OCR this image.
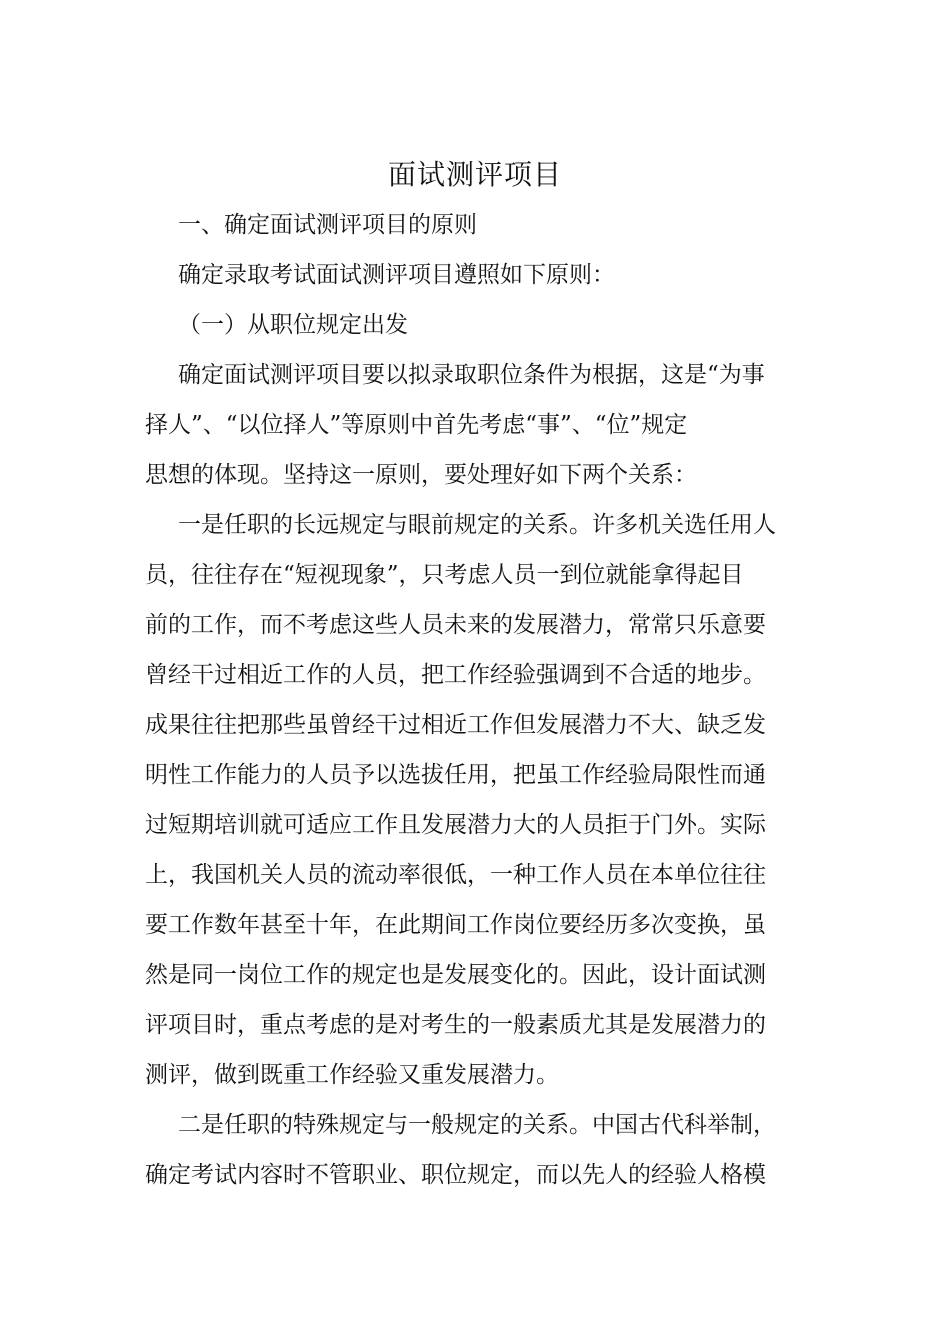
面试测评项目
一、确定面试测评项目的原则
确定录取考试面试测评项目遵照如下原则：
（一）从职位规定出发
确定面试测评项目要以拟录取职位条件为根据，这是“为事
择人”、“以位择人”等原则中首先考虑“事”、“位”规定
思想的体现。坚持这一原则，要处理好如下两个关系：
一是任职的长远规定与眼前规定的关系。许多机关选任用人
员，往往存在“短视现象”，只考虑人员一到位就能拿得起目
前的工作，而不考虑这些人员未来的发展潜力，常常只乐意要
曾经干过相近工作的人员，把工作经验强调到不合适的地步。
成果往往把那些虽曾经干过相近工作但发展潜力不大、缺乏发
明性工作能力的人员予以选拔任用，把虽工作经验局限性而通
过短期培训就可适应工作且发展潜力大的人员拒于门外。实际
上，我国机关人员的流动率很低，一种工作人员在本单位往往
要工作数年甚至十年，在此期间工作岗位要经历多次变换，虽
然是同一岗位工作的规定也是发展变化的。因此，设计面试测
评项目时，重点考虑的是对考生的一般素质尤其是发展潜力的
测评，做到既重工作经验又重发展潜力。
二是任职的特殊规定与一般规定的关系。中国古代科举制，
确定考试内容时不管职业、职位规定，而以先人的经验人格模
